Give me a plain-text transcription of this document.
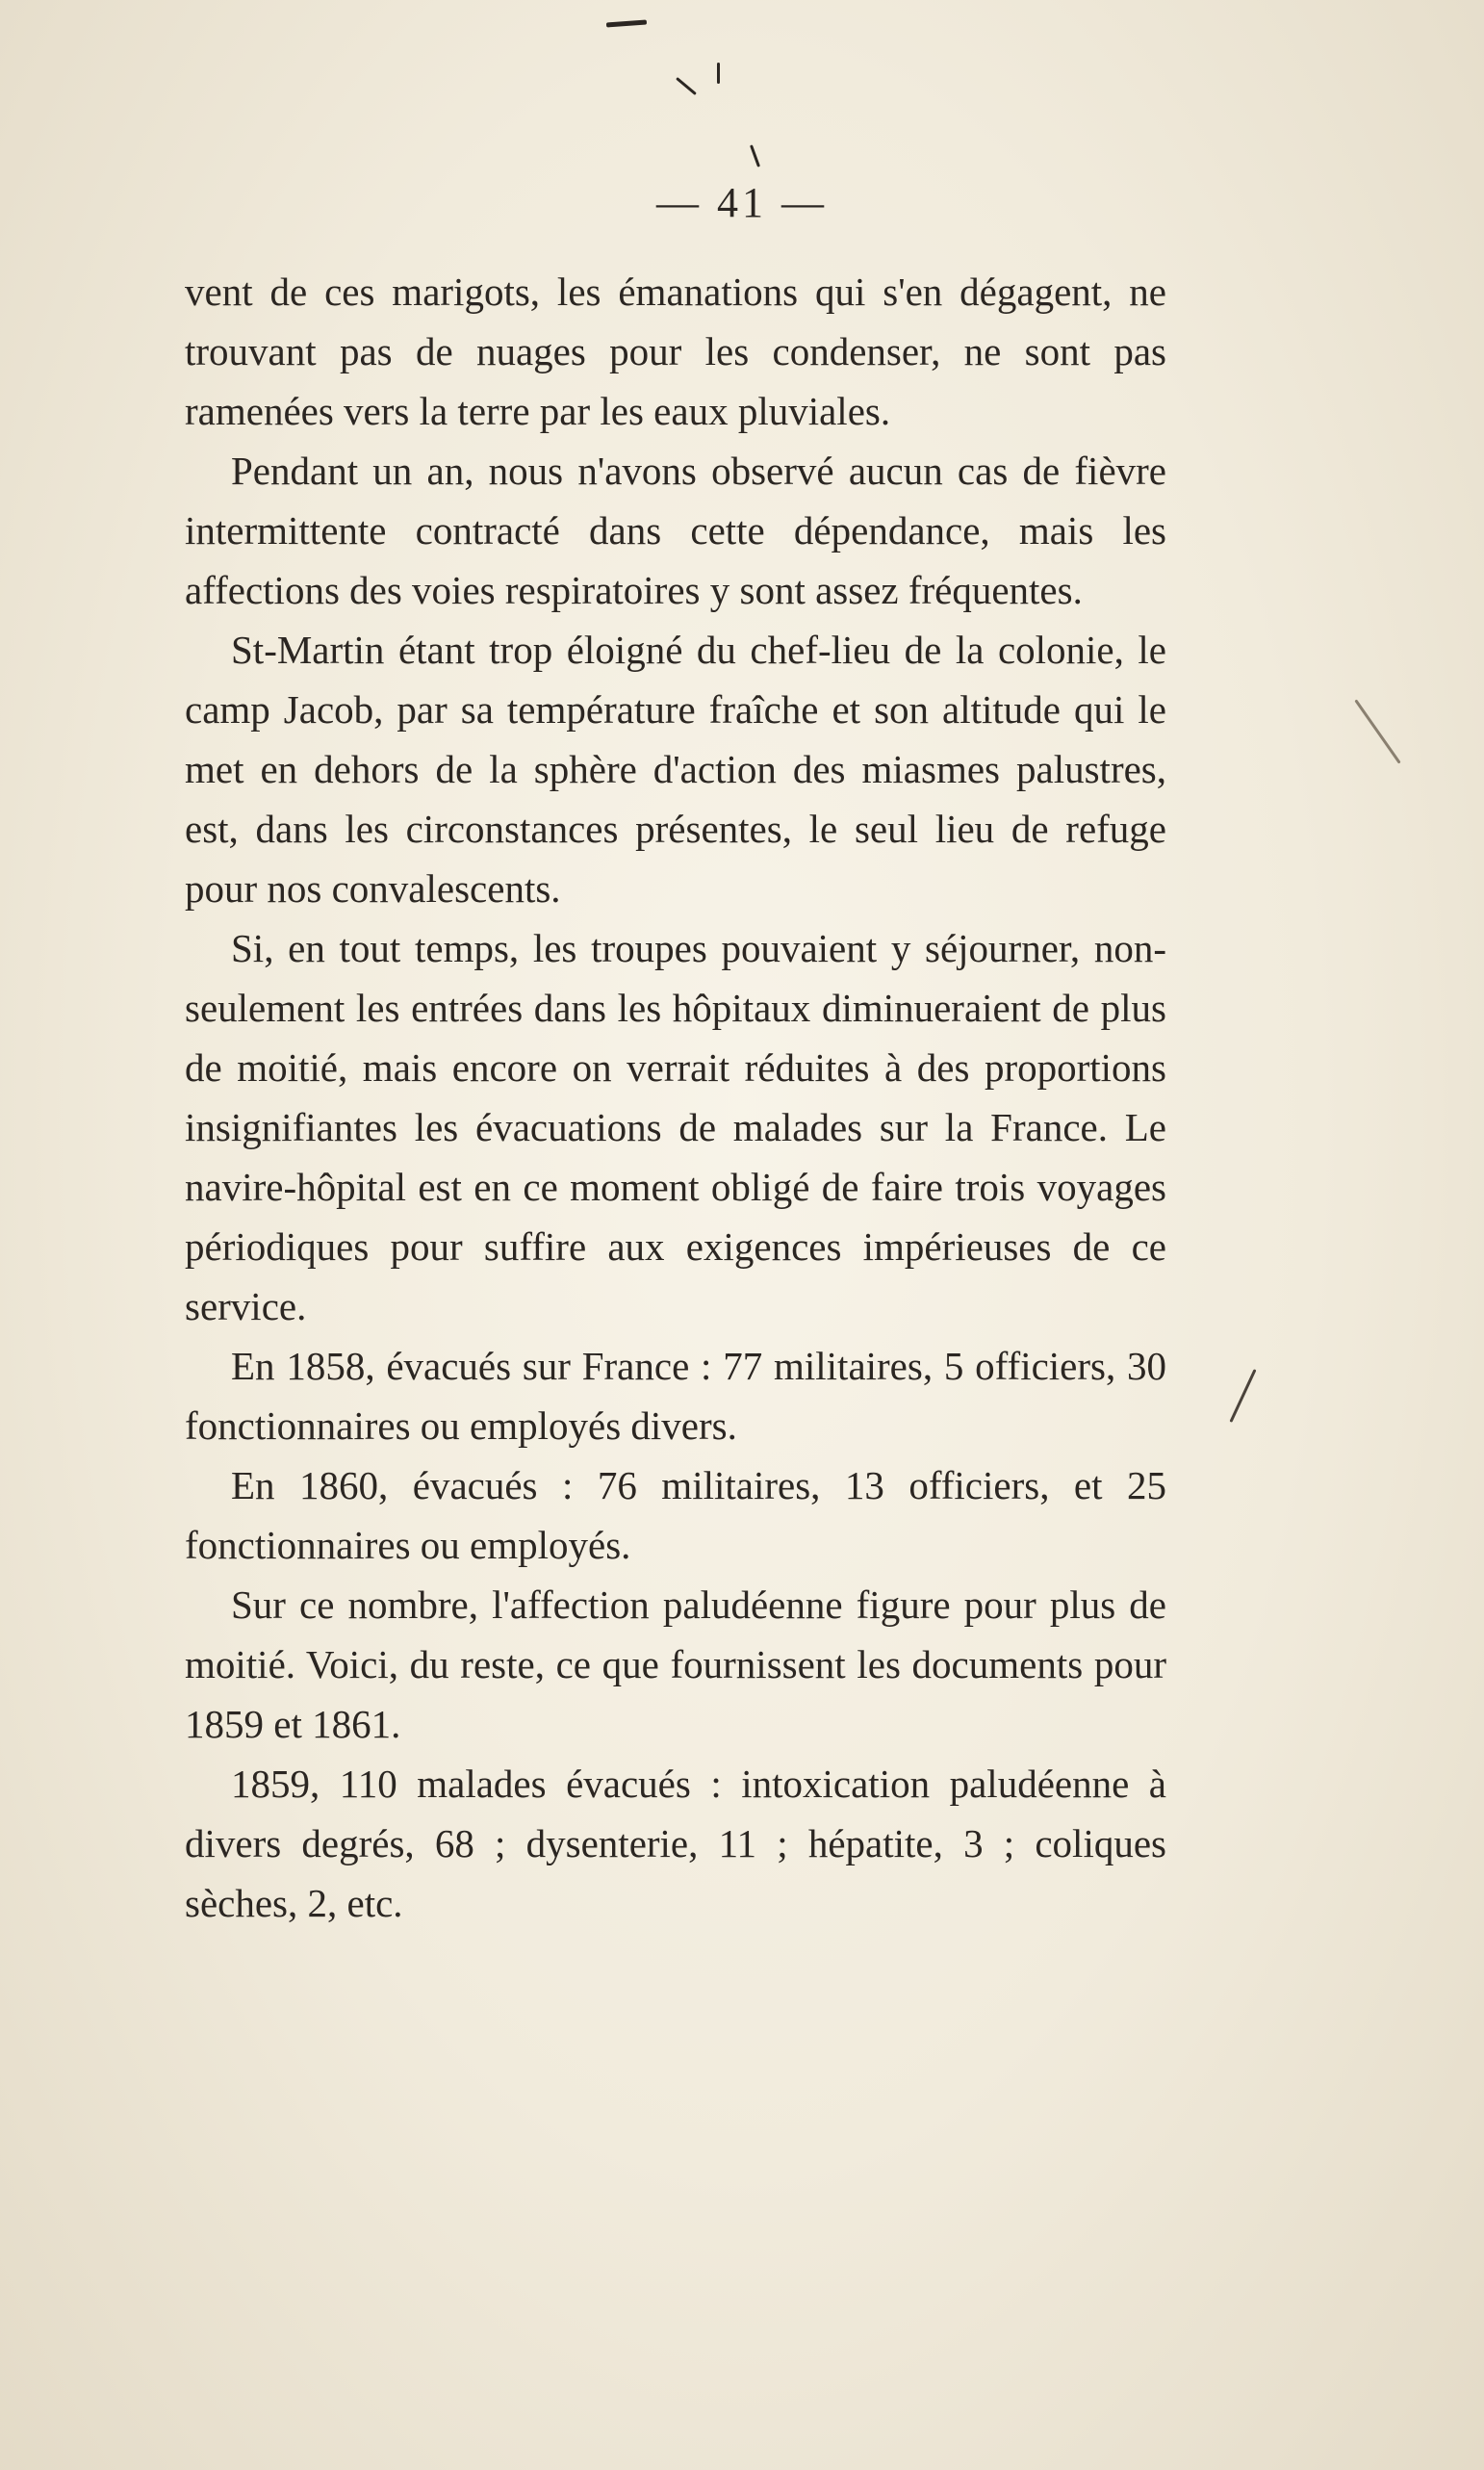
— 41 —

vent de ces marigots, les émanations qui s'en dégagent, ne trouvant pas de nuages pour les condenser, ne sont pas ramenées vers la terre par les eaux pluviales.

Pendant un an, nous n'avons observé aucun cas de fièvre intermittente contracté dans cette dépendance, mais les affections des voies respiratoires y sont assez fréquentes.

St-Martin étant trop éloigné du chef-lieu de la colonie, le camp Jacob, par sa température fraîche et son altitude qui le met en dehors de la sphère d'action des miasmes palustres, est, dans les circonstances présentes, le seul lieu de refuge pour nos convalescents.

Si, en tout temps, les troupes pouvaient y séjourner, non-seulement les entrées dans les hôpitaux diminueraient de plus de moitié, mais encore on verrait réduites à des proportions insignifiantes les évacuations de malades sur la France. Le navire-hôpital est en ce moment obligé de faire trois voyages périodiques pour suffire aux exigences impérieuses de ce service.

En 1858, évacués sur France : 77 militaires, 5 officiers, 30 fonctionnaires ou employés divers.

En 1860, évacués : 76 militaires, 13 officiers, et 25 fonctionnaires ou employés.

Sur ce nombre, l'affection paludéenne figure pour plus de moitié. Voici, du reste, ce que fournissent les documents pour 1859 et 1861.

1859, 110 malades évacués : intoxication paludéenne à divers degrés, 68 ; dysenterie, 11 ; hépatite, 3 ; coliques sèches, 2, etc.
